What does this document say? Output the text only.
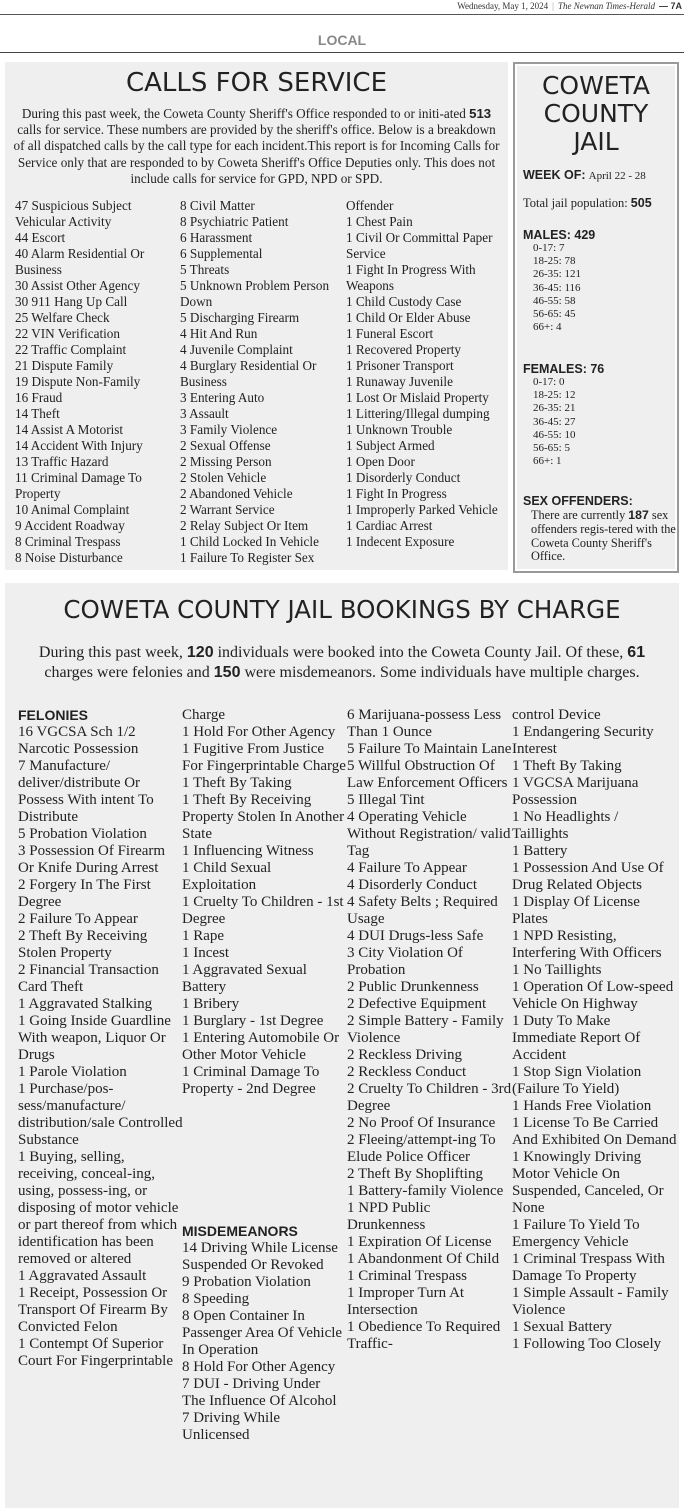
Wednesday, May 1, 2024 | The Newnan Times-Herald — 7A
LOCAL
CALLS FOR SERVICE

During this past week, the Coweta County Sheriff's Office responded to or initi-ated 513 calls for service. These numbers are provided by the sheriff's office. Below is a breakdown of all dispatched calls by the call type for each incident.This report is for Incoming Calls for Service only that are responded to by Coweta Sheriff's Office Deputies only. This does not include calls for service for GPD, NPD or SPD.

47 Suspicious Subject Vehicular Activity
44 Escort
40 Alarm Residential Or Business
30 Assist Other Agency
30 911 Hang Up Call
25 Welfare Check
22 VIN Verification
22 Traffic Complaint
21 Dispute Family
19 Dispute Non-Family
16 Fraud
14 Theft
14 Assist A Motorist
14 Accident With Injury
13 Traffic Hazard
11 Criminal Damage To Property
10 Animal Complaint
9 Accident Roadway
8 Criminal Trespass
8 Noise Disturbance
8 Civil Matter
8 Psychiatric Patient
6 Harassment
6 Supplemental
5 Threats
5 Unknown Problem Person Down
5 Discharging Firearm
4 Hit And Run
4 Juvenile Complaint
4 Burglary Residential Or Business
3 Entering Auto
3 Assault
3 Family Violence
2 Sexual Offense
2 Missing Person
2 Stolen Vehicle
2 Abandoned Vehicle
2 Warrant Service
2 Relay Subject Or Item
1 Child Locked In Vehicle
1 Failure To Register Sex
Offender
1 Chest Pain
1 Civil Or Committal Paper Service
1 Fight In Progress With Weapons
1 Child Custody Case
1 Child Or Elder Abuse
1 Funeral Escort
1 Recovered Property
1 Prisoner Transport
1 Runaway Juvenile
1 Lost Or Mislaid Property
1 Littering/Illegal dumping
1 Unknown Trouble
1 Subject Armed
1 Open Door
1 Disorderly Conduct
1 Fight In Progress
1 Improperly Parked Vehicle
1 Cardiac Arrest
1 Indecent Exposure
COWETA
COUNTY
JAIL
WEEK OF: April 22 - 28
Total jail population: 505
MALES: 429
0-17: 7
18-25: 78
26-35: 121
36-45: 116
46-55: 58
56-65: 45
66+: 4
FEMALES: 76
0-17: 0
18-25: 12
26-35: 21
36-45: 27
46-55: 10
56-65: 5
66+: 1
SEX OFFENDERS:
There are currently 187 sex offenders regis-tered with the Coweta County Sheriff's Office.
COWETA COUNTY JAIL BOOKINGS BY CHARGE

During this past week, 120 individuals were booked into the Coweta County Jail. Of these, 61 charges were felonies and 150 were misdemeanors. Some individuals have multiple charges.

FELONIES
16 VGCSA Sch 1/2 Narcotic Possession
7 Manufacture/ deliver/distribute Or Possess With intent To Distribute
5 Probation Violation
3 Possession Of Firearm Or Knife During Arrest
2 Forgery In The First Degree
2 Failure To Appear
2 Theft By Receiving Stolen Property
2 Financial Transaction Card Theft
1 Aggravated Stalking
1 Going Inside Guardline With weapon, Liquor Or Drugs
1 Parole Violation
1 Purchase/pos-sess/manufacture/ distribution/sale Controlled Substance
1 Buying, selling, receiving, conceal-ing, using, possess-ing, or disposing of motor vehicle or part thereof from which identification has been removed or altered
1 Aggravated Assault
1 Receipt, Possession Or Transport Of Firearm By Convicted Felon
1 Contempt Of Superior Court For Fingerprintable
Charge
1 Hold For Other Agency
1 Fugitive From Justice For Fingerprintable Charge
1 Theft By Taking
1 Theft By Receiving Property Stolen In Another State
1 Influencing Witness
1 Child Sexual Exploitation
1 Cruelty To Children - 1st Degree
1 Rape
1 Incest
1 Aggravated Sexual Battery
1 Bribery
1 Burglary - 1st Degree
1 Entering Automobile Or Other Motor Vehicle
1 Criminal Damage To Property - 2nd Degree
MISDEMEANORS
14 Driving While License Suspended Or Revoked
9 Probation Violation
8 Speeding
8 Open Container In Passenger Area Of Vehicle In Operation
8 Hold For Other Agency
7 DUI - Driving Under The Influence Of Alcohol
7 Driving While Unlicensed
6 Marijuana-possess Less Than 1 Ounce
5 Failure To Maintain Lane
5 Willful Obstruction Of Law Enforcement Officers
5 Illegal Tint
4 Operating Vehicle Without Registration/ valid Tag
4 Failure To Appear
4 Disorderly Conduct
4 Safety Belts ; Required Usage
4 DUI Drugs-less Safe
3 City Violation Of Probation
2 Public Drunkenness
2 Defective Equipment
2 Simple Battery - Family Violence
2 Reckless Driving
2 Reckless Conduct
2 Cruelty To Children - 3rd Degree
2 No Proof Of Insurance
2 Fleeing/attempt-ing To Elude Police Officer
2 Theft By Shoplifting
1 Battery-family Violence
1 NPD Public Drunkenness
1 Expiration Of License
1 Abandonment Of Child
1 Criminal Trespass
1 Improper Turn At Intersection
1 Obedience To Required Traffic-
control Device
1 Endangering Security Interest
1 Theft By Taking
1 VGCSA Marijuana Possession
1 No Headlights / Taillights
1 Battery
1 Possession And Use Of Drug Related Objects
1 Display Of License Plates
1 NPD Resisting, Interfering With Officers
1 No Taillights
1 Operation Of Low-speed Vehicle On Highway
1 Duty To Make Immediate Report Of Accident
1 Stop Sign Violation (Failure To Yield)
1 Hands Free Violation
1 License To Be Carried And Exhibited On Demand
1 Knowingly Driving Motor Vehicle On Suspended, Canceled, Or None
1 Failure To Yield To Emergency Vehicle
1 Criminal Trespass With Damage To Property
1 Simple Assault - Family Violence
1 Sexual Battery
1 Following Too Closely
